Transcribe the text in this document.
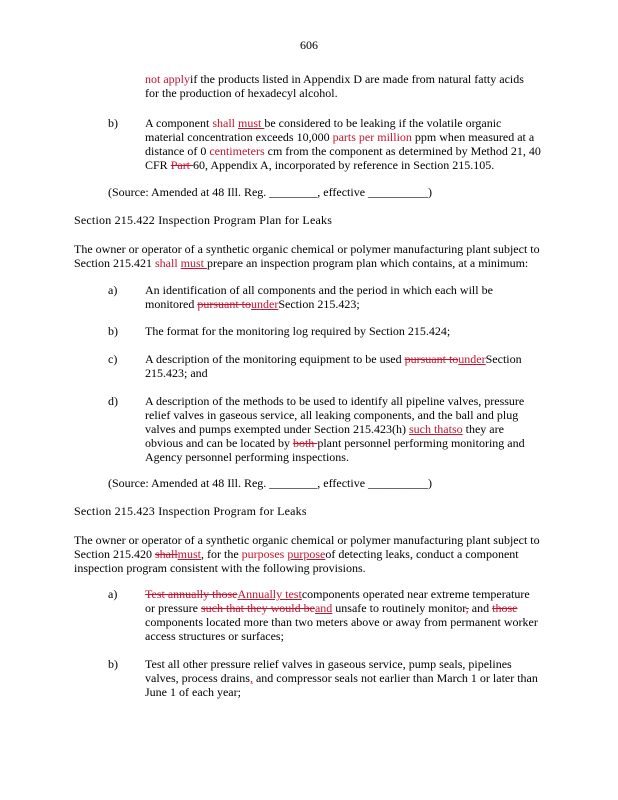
606
not applyif the products listed in Appendix D are made from natural fatty acids
for the production of hexadecyl alcohol.
b) A component shall must be considered to be leaking if the volatile organic
material concentration exceeds 10,000 parts per million ppm when measured at a
distance of 0 centimeters cm from the component as determined by Method 21, 40
CFR Part 60, Appendix A, incorporated by reference in Section 215.105.
(Source: Amended at 48 Ill. Reg. ________, effective __________)
Section 215.422 Inspection Program Plan for Leaks
The owner or operator of a synthetic organic chemical or polymer manufacturing plant subject to
Section 215.421 shall must prepare an inspection program plan which contains, at a minimum:
a) An identification of all components and the period in which each will be
monitored pursuant tounderSection 215.423;
b) The format for the monitoring log required by Section 215.424;
c) A description of the monitoring equipment to be used pursuant tounderSection
215.423; and
d) A description of the methods to be used to identify all pipeline valves, pressure
relief valves in gaseous service, all leaking components, and the ball and plug
valves and pumps exempted under Section 215.423(h) such thatso they are
obvious and can be located by both plant personnel performing monitoring and
Agency personnel performing inspections.
(Source: Amended at 48 Ill. Reg. ________, effective __________)
Section 215.423 Inspection Program for Leaks
The owner or operator of a synthetic organic chemical or polymer manufacturing plant subject to
Section 215.420 shallmust, for the purposes purposeof detecting leaks, conduct a component
inspection program consistent with the following provisions.
a) Test annually thoseAnnually testcomponents operated near extreme temperature
or pressure such that they would beand unsafe to routinely monitor, and those
components located more than two meters above or away from permanent worker
access structures or surfaces;
b) Test all other pressure relief valves in gaseous service, pump seals, pipelines
valves, process drains, and compressor seals not earlier than March 1 or later than
June 1 of each year;
